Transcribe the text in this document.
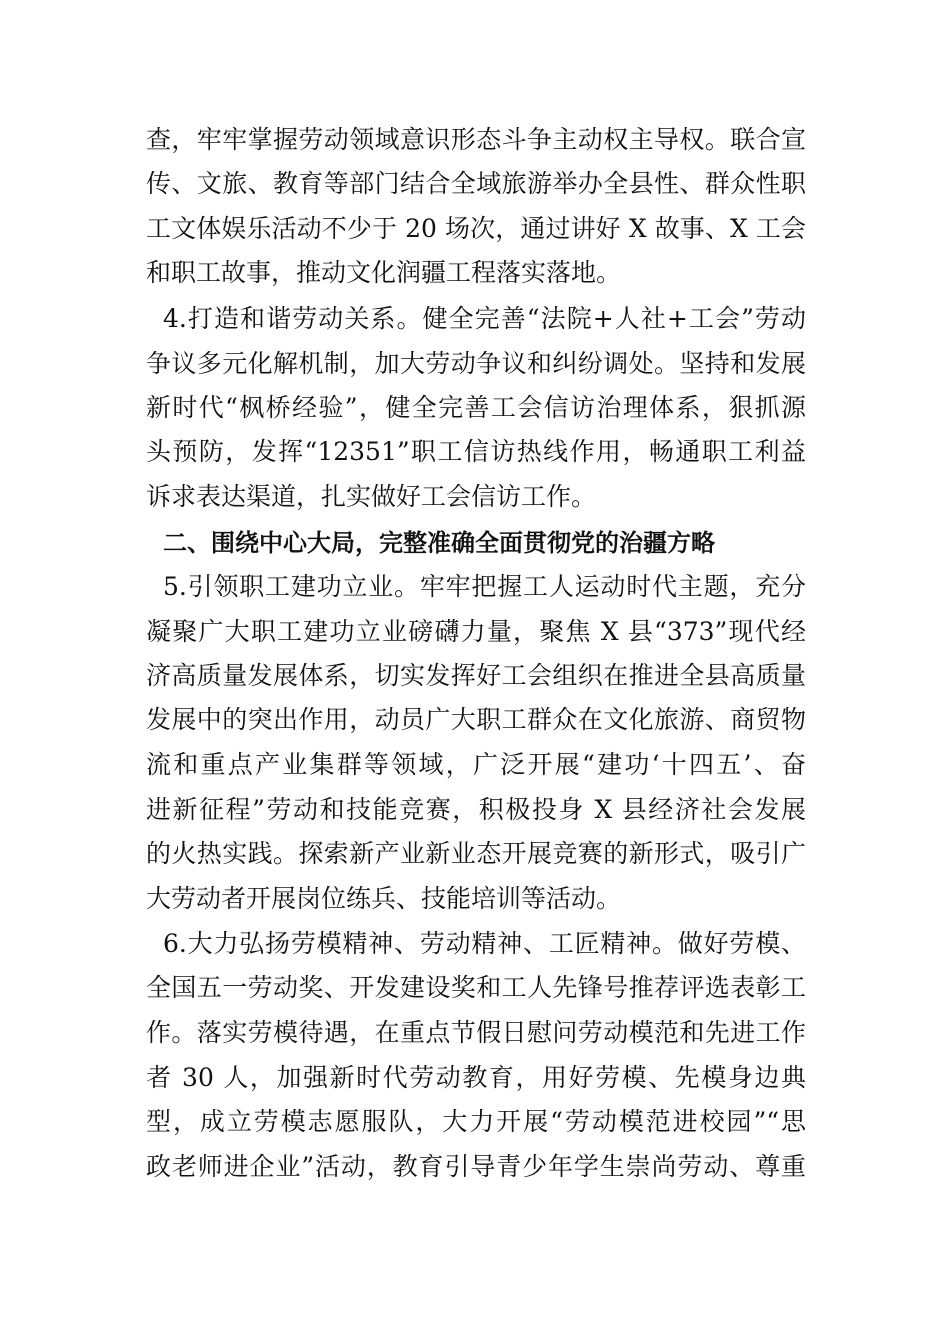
查，牢牢掌握劳动领域意识形态斗争主动权主导权。联合宣
传、文旅、教育等部门结合全域旅游举办全县性、群众性职
工文体娱乐活动不少于 20 场次，通过讲好 X 故事、X 工会
和职工故事，推动文化润疆工程落实落地。
4.打造和谐劳动关系。健全完善“法院+人社+工会”劳动
争议多元化解机制，加大劳动争议和纠纷调处。坚持和发展
新时代“枫桥经验”，健全完善工会信访治理体系，狠抓源
头预防，发挥“12351”职工信访热线作用，畅通职工利益
诉求表达渠道，扎实做好工会信访工作。
二、围绕中心大局，完整准确全面贯彻党的治疆方略
5.引领职工建功立业。牢牢把握工人运动时代主题，充分
凝聚广大职工建功立业磅礴力量，聚焦 X 县“373”现代经
济高质量发展体系，切实发挥好工会组织在推进全县高质量
发展中的突出作用，动员广大职工群众在文化旅游、商贸物
流和重点产业集群等领域，广泛开展“建功‘十四五’、奋
进新征程”劳动和技能竞赛，积极投身 X 县经济社会发展
的火热实践。探索新产业新业态开展竞赛的新形式，吸引广
大劳动者开展岗位练兵、技能培训等活动。
6.大力弘扬劳模精神、劳动精神、工匠精神。做好劳模、
全国五一劳动奖、开发建设奖和工人先锋号推荐评选表彰工
作。落实劳模待遇，在重点节假日慰问劳动模范和先进工作
者 30 人，加强新时代劳动教育，用好劳模、先模身边典
型，成立劳模志愿服队，大力开展“劳动模范进校园”“思
政老师进企业”活动，教育引导青少年学生崇尚劳动、尊重
